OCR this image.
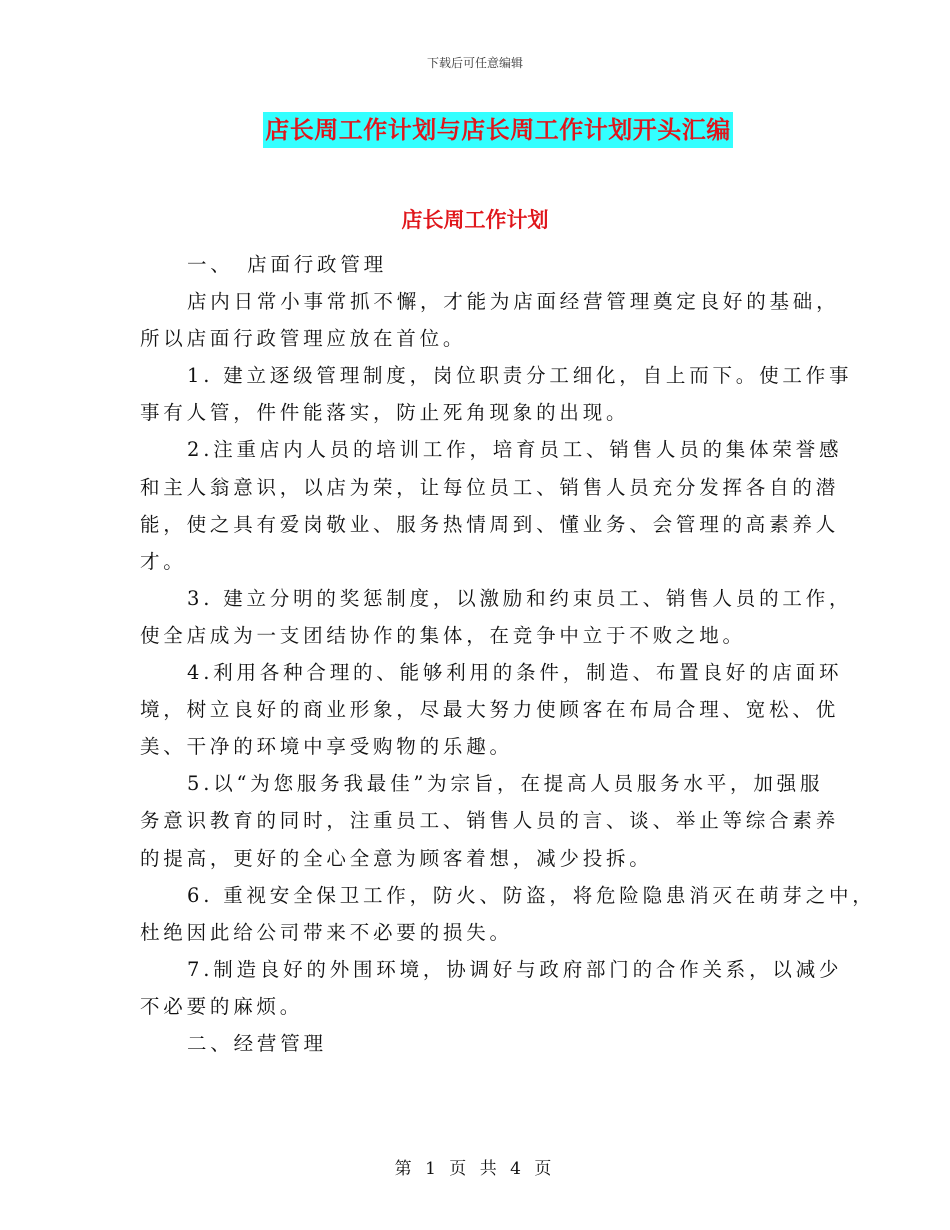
下载后可任意编辑
店长周工作计划与店长周工作计划开头汇编
店长周工作计划
一、　店面行政管理
店内日常小事常抓不懈，才能为店面经营管理奠定良好的基础，
所以店面行政管理应放在首位。
1. 建立逐级管理制度，岗位职责分工细化，自上而下。使工作事
事有人管，件件能落实，防止死角现象的出现。
2.注重店内人员的培训工作，培育员工、销售人员的集体荣誉感
和主人翁意识，以店为荣，让每位员工、销售人员充分发挥各自的潜
能，使之具有爱岗敬业、服务热情周到、懂业务、会管理的高素养人
才。
3. 建立分明的奖惩制度，以激励和约束员工、销售人员的工作，
使全店成为一支团结协作的集体，在竞争中立于不败之地。
4.利用各种合理的、能够利用的条件，制造、布置良好的店面环
境，树立良好的商业形象，尽最大努力使顾客在布局合理、宽松、优
美、干净的环境中享受购物的乐趣。
5.以“为您服务我最佳”为宗旨，在提高人员服务水平，加强服
务意识教育的同时，注重员工、销售人员的言、谈、举止等综合素养
的提高，更好的全心全意为顾客着想，减少投拆。
6. 重视安全保卫工作，防火、防盗，将危险隐患消灭在萌芽之中，
杜绝因此给公司带来不必要的损失。
7.制造良好的外围环境，协调好与政府部门的合作关系，以减少
不必要的麻烦。
二、经营管理
第 1 页 共 4 页
